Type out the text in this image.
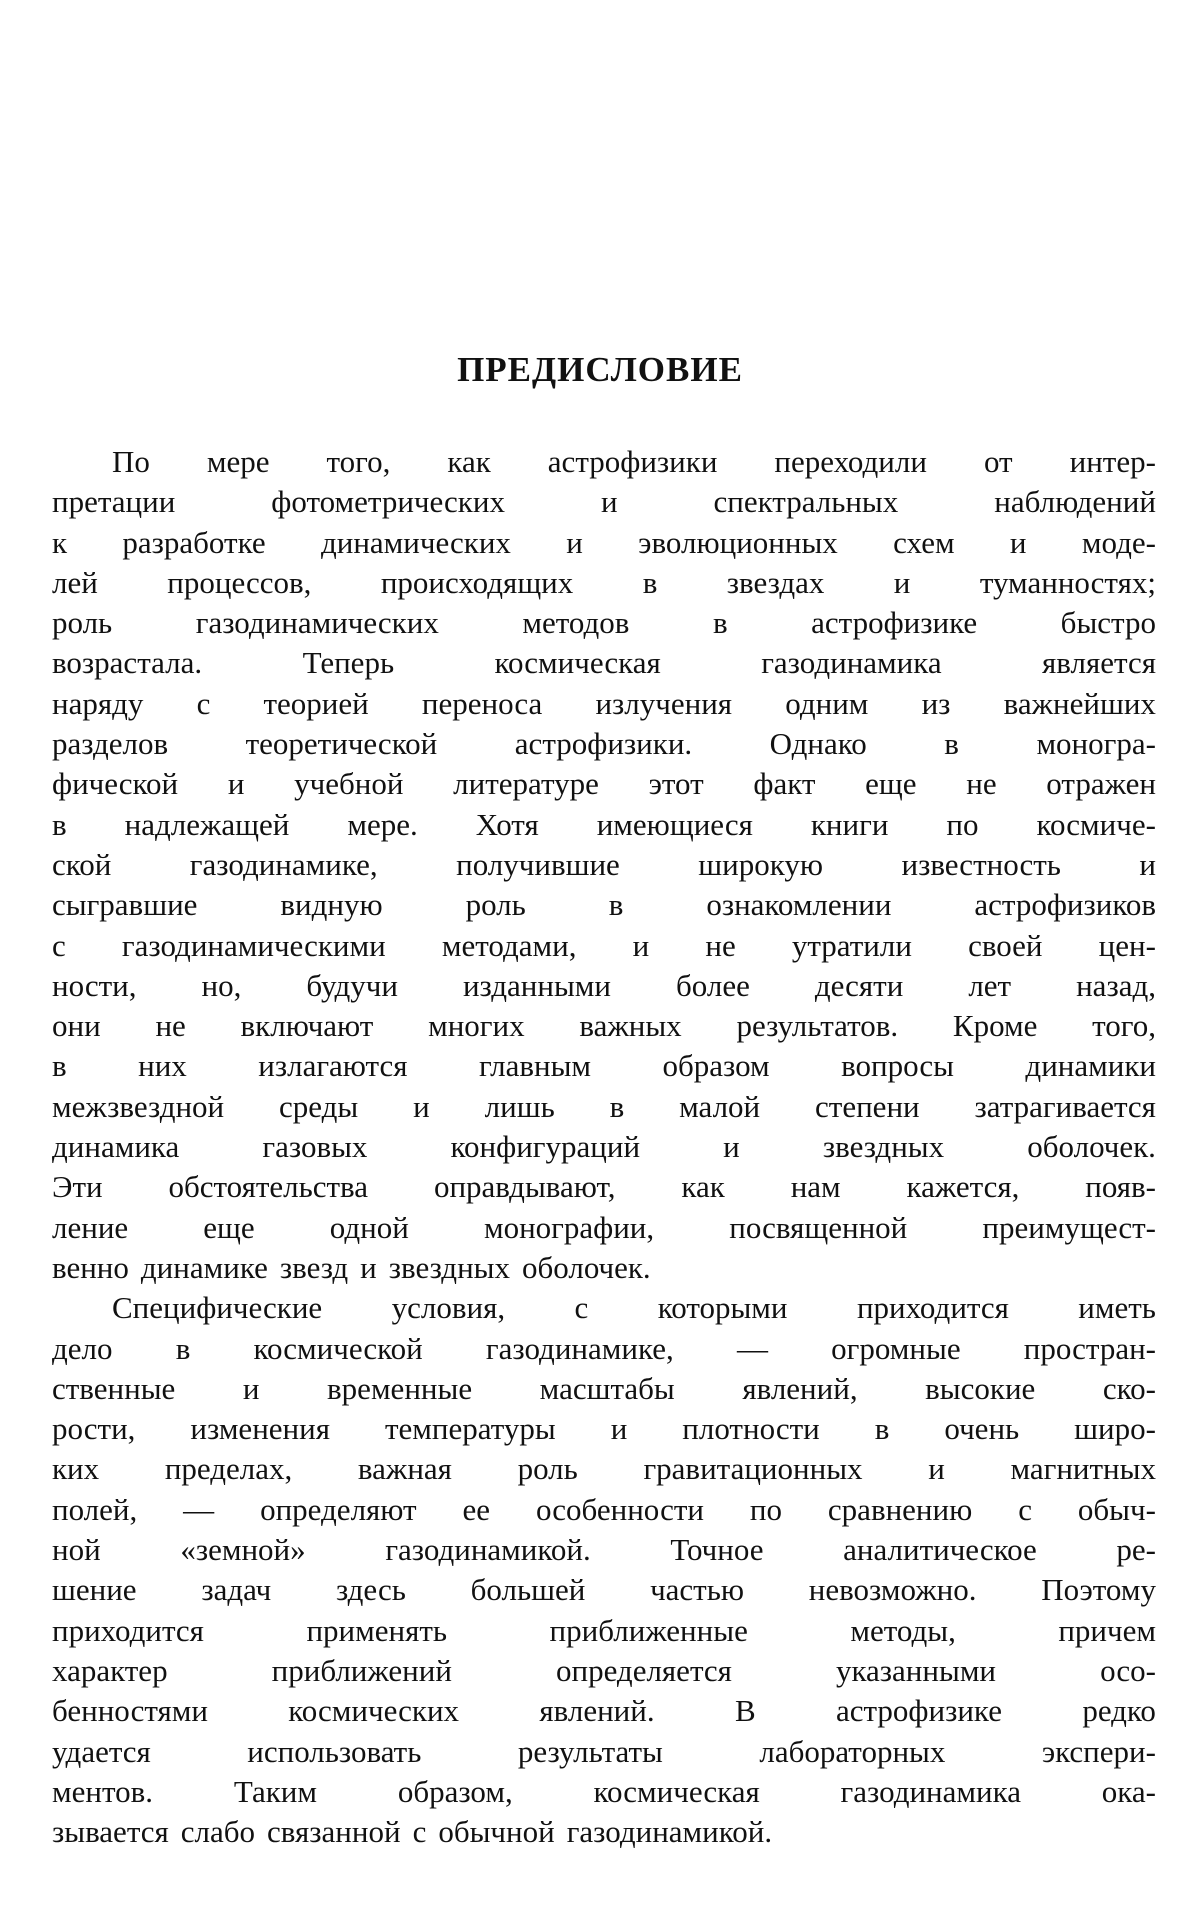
ПРЕДИСЛОВИЕ
По мере того, как астрофизики переходили от интер-
претации	фотометрических	и	спектральных	наблюдений
к разработке динамических и эволюционных схем и моде-
лей процессов, происходящих в звездах и туманностях;
роль	газодинамических	методов	в	астрофизике	быстро
возрастала.	Теперь	космическая	газодинамика	является
наряду с теорией переноса излучения одним из важнейших
разделов	теоретической	астрофизики.	Однако	в	моногра-
фической и учебной литературе этот факт еще не отражен
в надлежащей мере. Хотя имеющиеся книги по космиче-
ской	газодинамике,	получившие	широкую	известность	и
сыгравшие	видную	роль	в	ознакомлении	астрофизиков
с газодинамическими методами, и не утратили своей цен-
ности, но, будучи изданными более десяти лет назад,
они не включают многих важных результатов. Кроме того,
в них излагаются главным образом вопросы динамики
межзвездной среды и лишь в малой степени затрагивается
динамика	газовых	конфигураций	и	звездных	оболочек.
Эти обстоятельства оправдывают, как нам кажется, появ-
ление еще одной монографии, посвященной преимущест-
венно динамике звезд и звездных оболочек.
Специфические условия, с которыми приходится иметь
дело в космической газодинамике, — огромные простран-
ственные и временные масштабы явлений, высокие ско-
рости, изменения температуры и плотности в очень широ-
ких пределах, важная роль гравитационных и магнитных
полей, — определяют ее особенности по сравнению с обыч-
ной	«земной»	газодинамикой.	Точное	аналитическое	ре-
шение задач здесь большей частью невозможно. Поэтому
приходится	применять	приближенные	методы,	причем
характер	приближений	определяется	указанными	осо-
бенностями	космических	явлений.	В	астрофизике	редко
удается	использовать	результаты	лабораторных	экспери-
ментов.	Таким	образом,	космическая	газодинамика	ока-
зывается слабо связанной с обычной газодинамикой.
